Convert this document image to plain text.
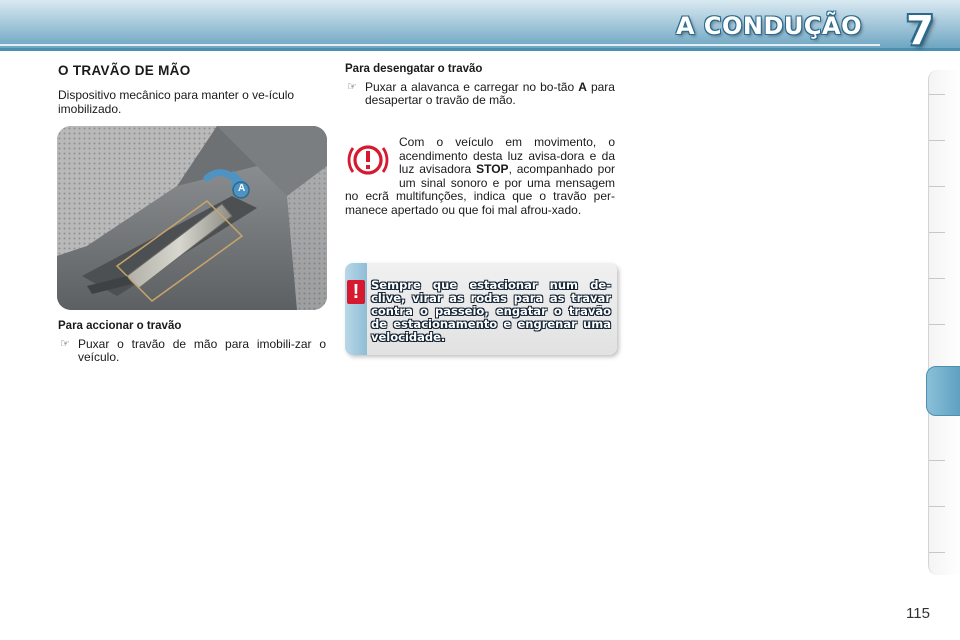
A CONDUÇÃO 7
O TRAVÃO DE MÃO

Dispositivo mecânico para manter o ve-ículo imobilizado.

A

Para accionar o travão

☞ Puxar o travão de mão para imobili-zar o veículo.

Para desengatar o travão

☞ Puxar a alavanca e carregar no bo-tão A para desapertar o travão de mão.

Com o veículo em movimento, o acendimento desta luz avisa-dora e da luz avisadora STOP, acompanhado por um sinal sonoro e por uma mensagem no ecrã multifunções, indica que o travão per-manece apertado ou que foi mal afrou-xado.

!	Sempre que estacionar num de-clive, virar as rodas para as travar contra o passeio, engatar o travão de estacionamento e engrenar uma velocidade.
115
